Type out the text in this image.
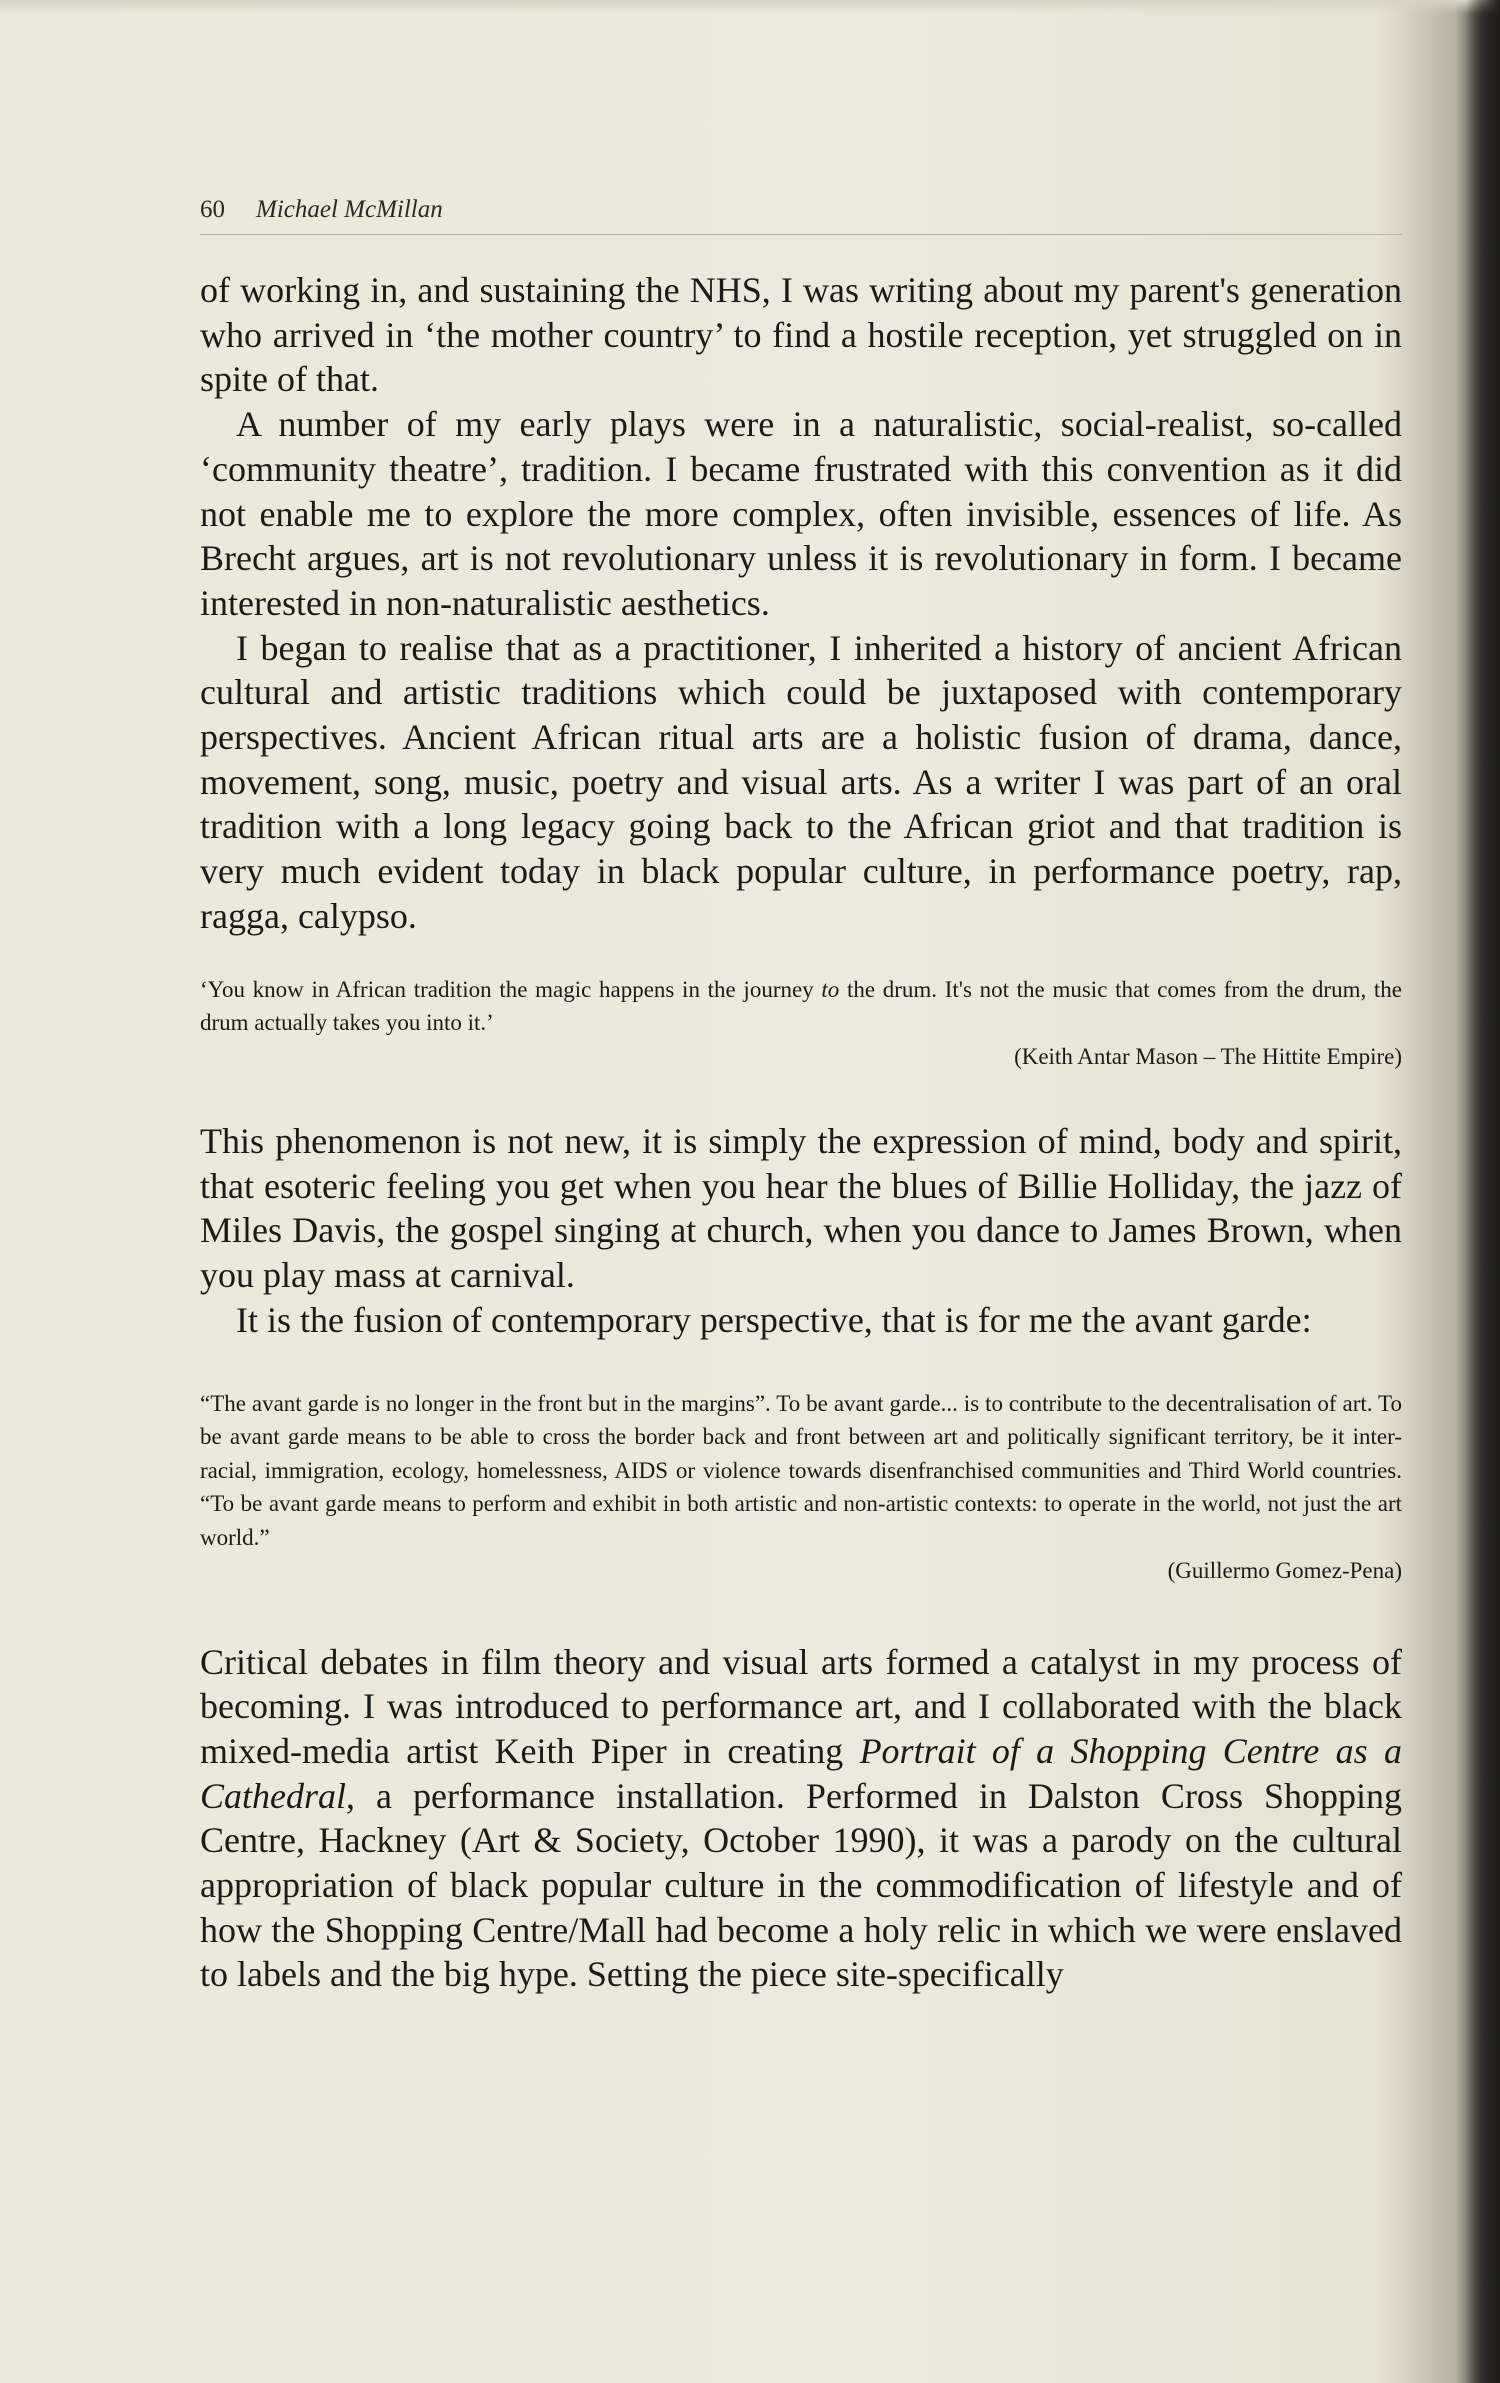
60 Michael McMillan

of working in, and sustaining the NHS, I was writing about my parent's generation who arrived in ‘the mother country’ to find a hostile reception, yet struggled on in spite of that.

A number of my early plays were in a naturalistic, social-realist, so-called ‘community theatre’, tradition. I became frustrated with this convention as it did not enable me to explore the more complex, often invisible, essences of life. As Brecht argues, art is not revolutionary unless it is revolutionary in form. I became interested in non-naturalistic aesthetics.

I began to realise that as a practitioner, I inherited a history of ancient African cultural and artistic traditions which could be juxtaposed with contemporary perspectives. Ancient African ritual arts are a holistic fusion of drama, dance, movement, song, music, poetry and visual arts. As a writer I was part of an oral tradition with a long legacy going back to the African griot and that tradition is very much evident today in black popular culture, in performance poetry, rap, ragga, calypso.

‘You know in African tradition the magic happens in the journey to the drum. It's not the music that comes from the drum, the drum actually takes you into it.’

(Keith Antar Mason – The Hittite Empire)

This phenomenon is not new, it is simply the expression of mind, body and spirit, that esoteric feeling you get when you hear the blues of Billie Holliday, the jazz of Miles Davis, the gospel singing at church, when you dance to James Brown, when you play mass at carnival.

It is the fusion of contemporary perspective, that is for me the avant garde:

“The avant garde is no longer in the front but in the margins”. To be avant garde... is to contribute to the decentralisation of art. To be avant garde means to be able to cross the border back and front between art and politically significant territory, be it inter-racial, immigration, ecology, homelessness, AIDS or violence towards disenfranchised communities and Third World countries. “To be avant garde means to perform and exhibit in both artistic and non-artistic contexts: to operate in the world, not just the art world.”

(Guillermo Gomez-Pena)

Critical debates in film theory and visual arts formed a catalyst in my process of becoming. I was introduced to performance art, and I collaborated with the black mixed-media artist Keith Piper in creating Portrait of a Shopping Centre as a Cathedral, a performance installation. Performed in Dalston Cross Shopping Centre, Hackney (Art & Society, October 1990), it was a parody on the cultural appropriation of black popular culture in the commodification of lifestyle and of how the Shopping Centre/Mall had become a holy relic in which we were enslaved to labels and the big hype. Setting the piece site-specifically
